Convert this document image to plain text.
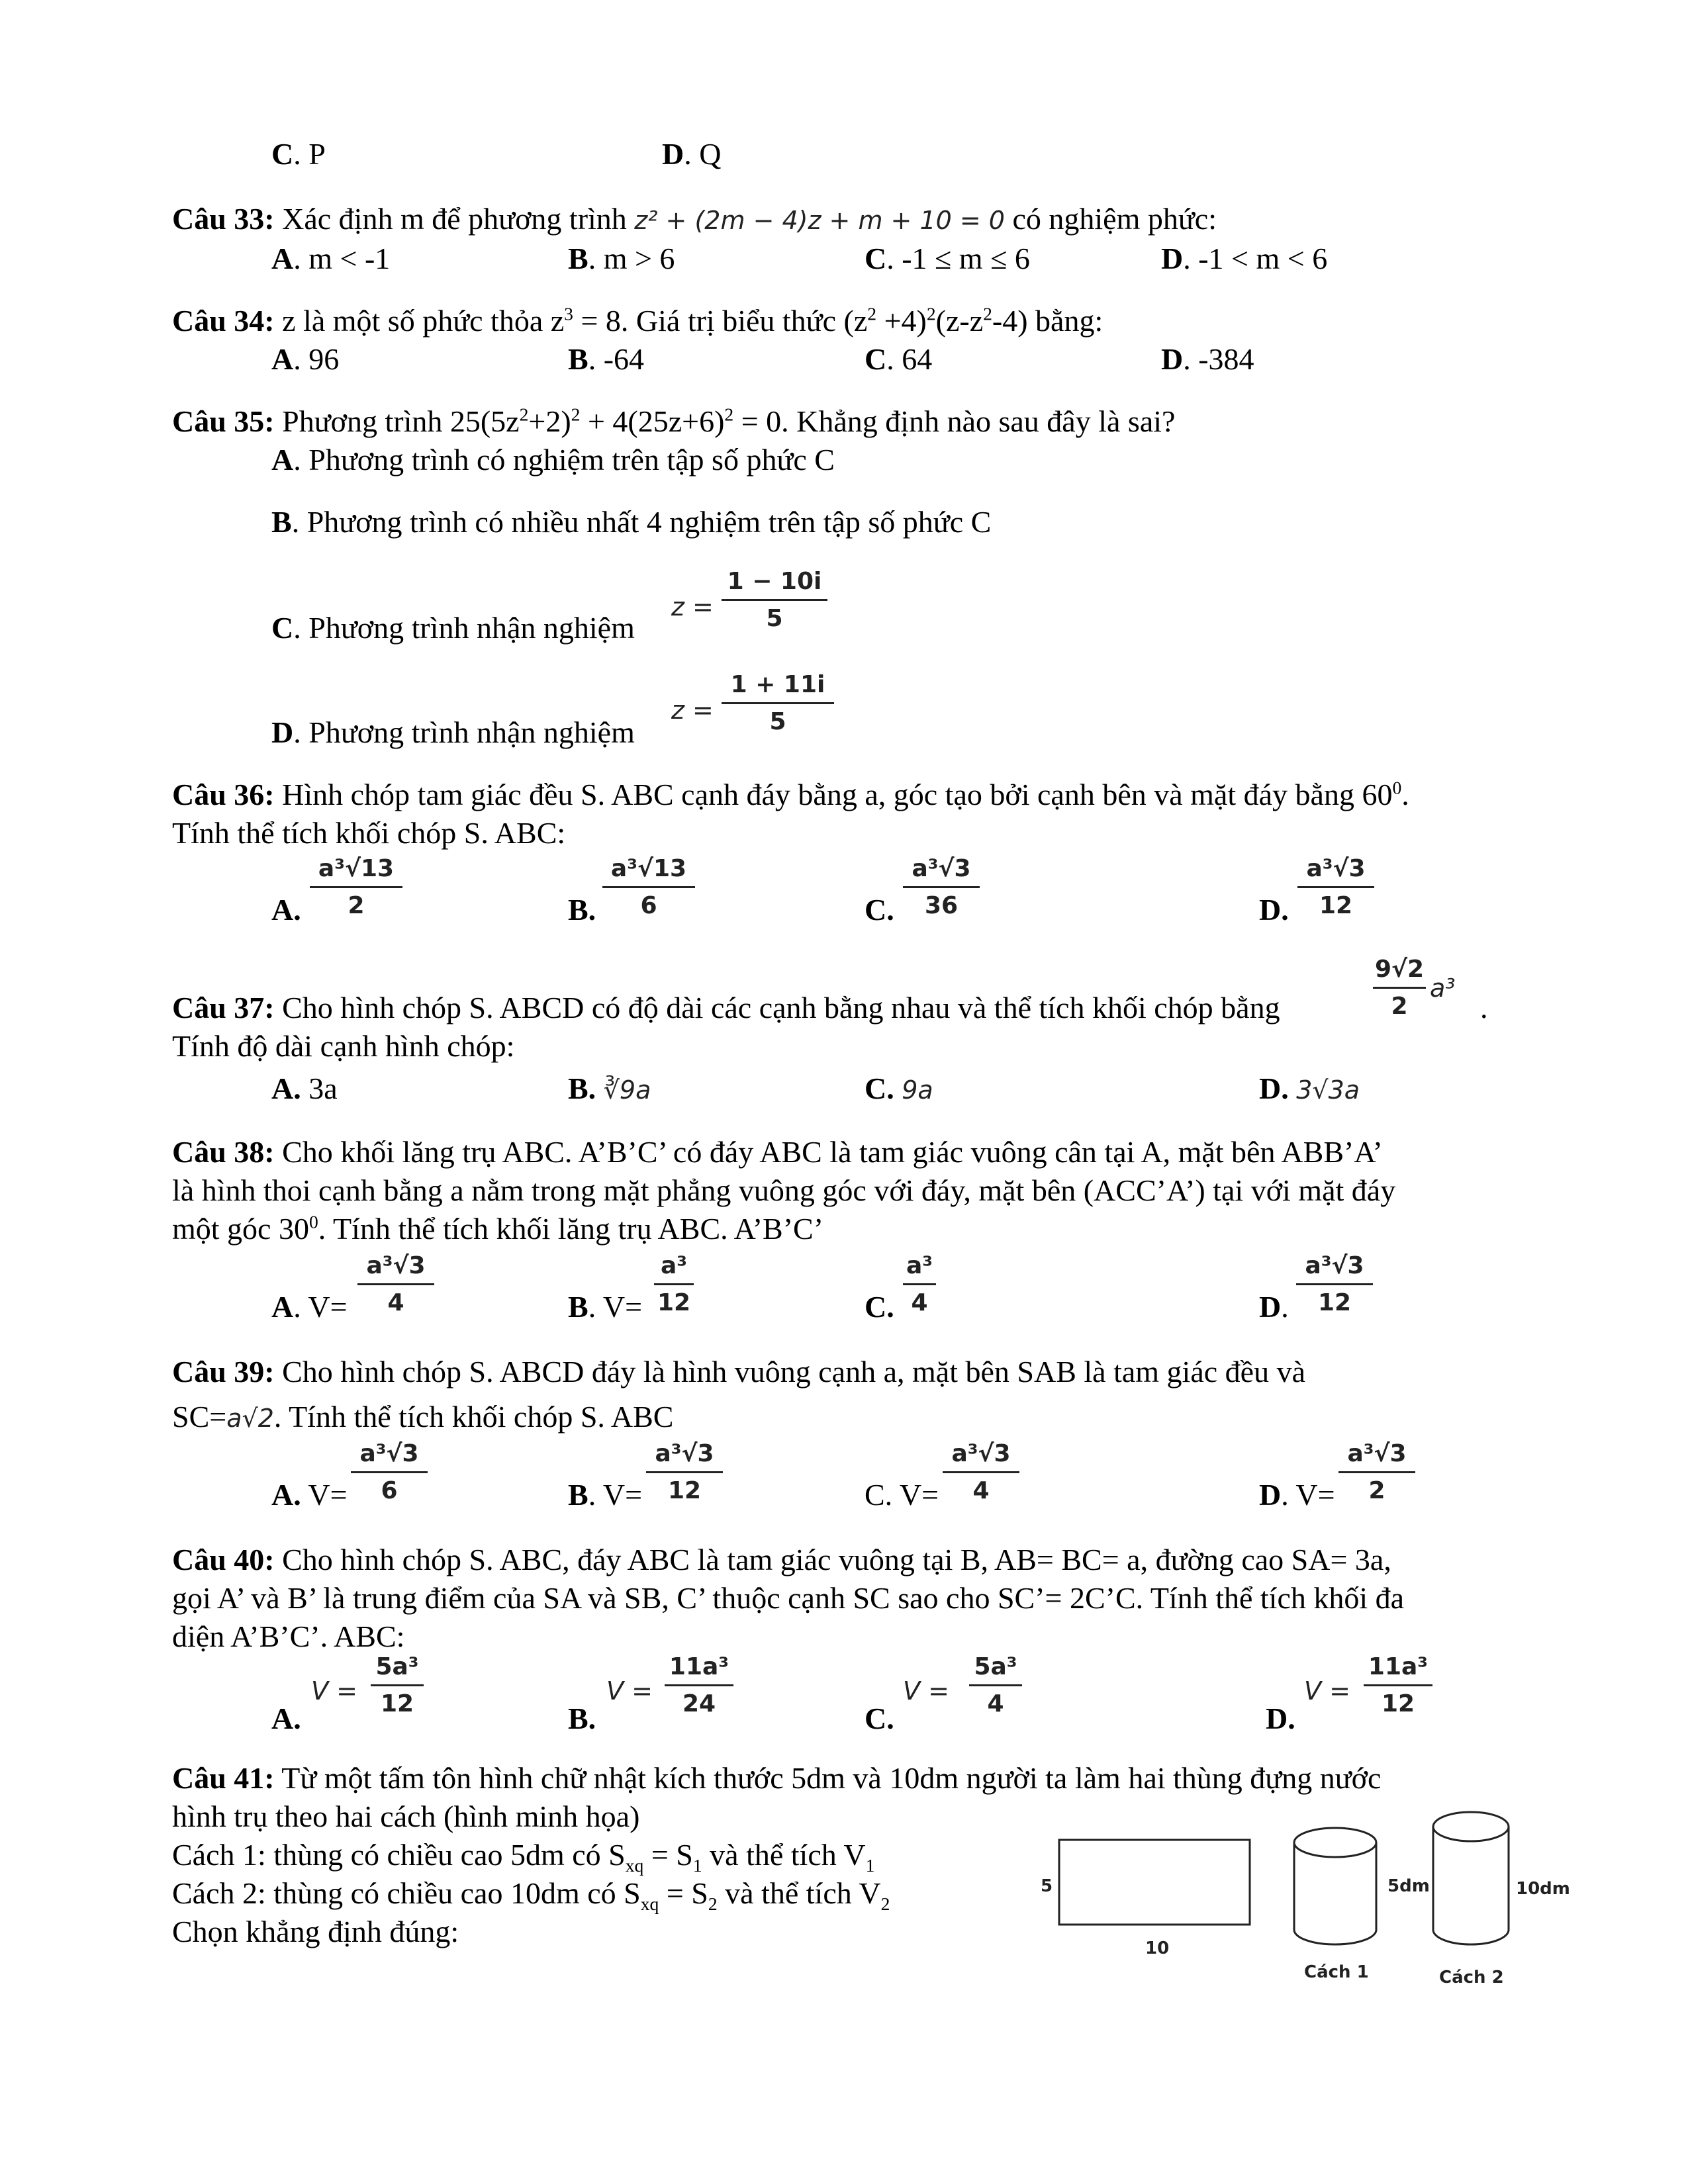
C. P	D. Q
Câu 33: Xác định m để phương trình z² + (2m − 4)z + m + 10 = 0 có nghiệm phức:
A. m < -1	B. m > 6	C. -1 ≤ m ≤ 6	D. -1 < m < 6
Câu 34: z là một số phức thỏa $z^3 = 8$. Giá trị biểu thức $(z^2 +4)^2(z-z^2-4)$ bằng:
A. 96	B. -64	C. 64	D. -384
Câu 35: Phương trình $25(5z^2+2)^2 + 4(25z+6)^2 = 0$. Khẳng định nào sau đây là sai?
A. Phương trình có nghiệm trên tập số phức C
B. Phương trình có nhiều nhất 4 nghiệm trên tập số phức C
C. Phương trình nhận nghiệm
$z = \frac{1 - 10i}{5}$
D. Phương trình nhận nghiệm
$z = \frac{1 + 11i}{5}$
Câu 36: Hình chóp tam giác đều S. ABC cạnh đáy bằng a, góc tạo bởi cạnh bên và mặt đáy bằng $60^0$.
Tính thể tích khối chóp S. ABC:
A. $\frac{\text{a³√13}}{2}$	B. $\frac{\text{a³√13}}{6}$	C. $\frac{\text{a³√3}}{36}$	D. $\frac{\text{a³√3}}{12}$
Câu 37: Cho hình chóp S. ABCD có độ dài các cạnh bằng nhau và thể tích khối chóp bằng	$\frac{9√2}{2} a^3$
.
Tính độ dài cạnh hình chóp:
A. 3a	B. ∛9a	C. 9a	D. 3√3a
Câu 38: Cho khối lăng trụ ABC. A’B’C’ có đáy ABC là tam giác vuông cân tại A, mặt bên ABB’A’
là hình thoi cạnh bằng a nằm trong mặt phẳng vuông góc với đáy, mặt bên (ACC’A’) tại với mặt đáy
một góc $30^0$. Tính thể tích khối lăng trụ ABC. A’B’C’
A. $V= \frac{\text{a³√3}}{4}$	B. $V= \frac{\text{a³}}{12}$	C. $\frac{\text{a³}}{4}$	D. $\frac{\text{a³√3}}{12}$
Câu 39: Cho hình chóp S. ABCD đáy là hình vuông cạnh a, mặt bên SAB là tam giác đều và
SC=a√2. Tính thể tích khối chóp S. ABC
A. $V= \frac{\text{a³√3}}{6}$	B. $V= \frac{\text{a³√3}}{12}$	C. $V= \frac{\text{a³√3}}{4}$	D. $V= \frac{\text{a³√3}}{2}$
Câu 40: Cho hình chóp S. ABC, đáy ABC là tam giác vuông tại B, AB= BC= a, đường cao SA= 3a,
gọi A’ và B’ là trung điểm của SA và SB, C’ thuộc cạnh SC sao cho SC’= 2C’C. Tính thể tích khối đa
diện A’B’C’. ABC:
A.
$V = \frac{\text{5a³}}{12}$
B.
$V = \frac{\text{11a³}}{24}$
C.
$V = \frac{\text{5a³}}{4}$
D.
$V = \frac{\text{11a³}}{12}$
Câu 41: Từ một tấm tôn hình chữ nhật kích thước 5dm và 10dm người ta làm hai thùng đựng nước
hình trụ theo hai cách (hình minh họa)
Cách 1: thùng có chiều cao 5dm có $S_{xq} = S_1$ và thể tích $V_1$
Cách 2: thùng có chiều cao 10dm có $S_{xq} = S_2$ và thể tích $V_2$
Chọn khẳng định đúng:
5
10
5dm
Cách 1
10dm
Cách 2
